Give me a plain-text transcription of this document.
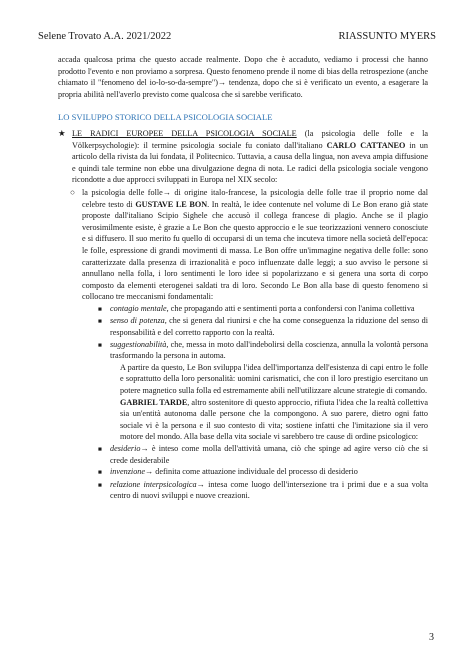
Selene Trovato A.A. 2021/2022	RIASSUNTO MYERS

accada qualcosa prima che questo accade realmente. Dopo che è accaduto, vediamo i processi che hanno prodotto l'evento e non proviamo a sorpresa. Questo fenomeno prende il nome di bias della retrospezione (anche chiamato il "fenomeno del io-lo-so-da-sempre")→ tendenza, dopo che si è verificato un evento, a esagerare la propria abilità nell'averlo previsto come qualcosa che si sarebbe verificato.

LO SVILUPPO STORICO DELLA PSICOLOGIA SOCIALE

★ LE RADICI EUROPEE DELLA PSICOLOGIA SOCIALE (la psicologia delle folle e la Völkerpsychologie): il termine psicologia sociale fu coniato dall'italiano CARLO CATTANEO in un articolo della rivista da lui fondata, il Politecnico. Tuttavia, a causa della lingua, non aveva ampia diffusione e quindi tale termine non ebbe una divulgazione degna di nota. Le radici della psicologia sociale vengono ricondotte a due approcci sviluppati in Europa nel XIX secolo:
○ la psicologia delle folle→ di origine italo-francese, la psicologia delle folle trae il proprio nome dal celebre testo di GUSTAVE LE BON. In realtà, le idee contenute nel volume di Le Bon erano già state proposte dall'italiano Scipio Sighele che accusò il collega francese di plagio. Anche se il plagio verosimilmente esiste, è grazie a Le Bon che questo approccio e le sue teorizzazioni vennero conosciute e si diffusero. Il suo merito fu quello di occuparsi di un tema che incuteva timore nella società dell'epoca: le folle, espressione di grandi movimenti di massa. Le Bon offre un'immagine negativa delle folle: sono caratterizzate dalla presenza di irrazionalità e poco influenzate dalle leggi; a suo avviso le persone si annullano nella folla, i loro sentimenti le loro idee si popolarizzano e si genera una sorta di corpo composto da elementi eterogenei saldati tra di loro. Secondo Le Bon alla base di questo fenomeno si collocano tre meccanismi fondamentali:
■ contagio mentale, che propagando atti e sentimenti porta a confondersi con l'anima collettiva
■ senso di potenza, che si genera dal riunirsi e che ha come conseguenza la riduzione del senso di responsabilità e del corretto rapporto con la realtà.
■ suggestionabilità, che, messa in moto dall'indebolirsi della coscienza, annulla la volontà persona trasformando la persona in automa.
A partire da questo, Le Bon sviluppa l'idea dell'importanza dell'esistenza di capi entro le folle e soprattutto della loro personalità: uomini carismatici, che con il loro prestigio esercitano un potere magnetico sulla folla ed estremamente abili nell'utilizzare alcune strategie di comando.
GABRIEL TARDE, altro sostenitore di questo approccio, rifiuta l'idea che la realtà collettiva sia un'entità autonoma dalle persone che la compongono. A suo parere, dietro ogni fatto sociale vi è la persona e il suo contesto di vita; sostiene infatti che l'imitazione sia il vero motore del mondo. Alla base della vita sociale vi sarebbero tre cause di ordine psicologico:
■ desiderio→ è inteso come molla dell'attività umana, ciò che spinge ad agire verso ciò che si crede desiderabile
■ invenzione→ definita come attuazione individuale del processo di desiderio
■ relazione interpsicologica→ intesa come luogo dell'intersezione tra i primi due e a sua volta centro di nuovi sviluppi e nuove creazioni.
3
